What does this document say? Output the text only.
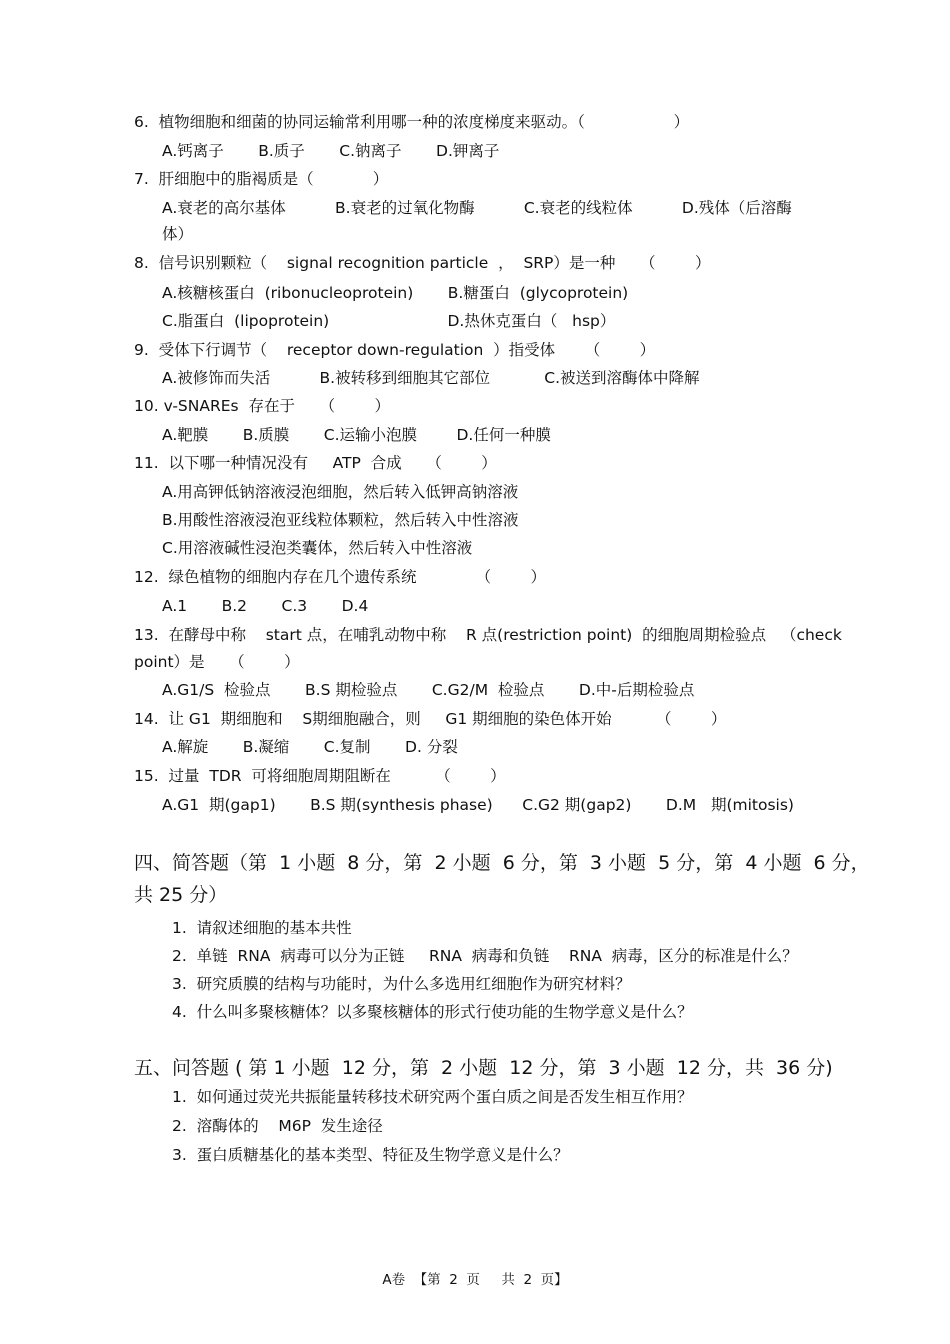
6.  植物细胞和细菌的协同运输常利用哪一种的浓度梯度来驱动。（                  ）
A.钙离子       B.质子       C.钠离子       D.钾离子
7.  肝细胞中的脂褐质是（            ）
A.衰老的高尔基体          B.衰老的过氧化物酶          C.衰老的线粒体          D.残体（后溶酶
体）
8.  信号识别颗粒（    signal recognition particle  ，  SRP）是一种     （        ）
A.核糖核蛋白  (ribonucleoprotein)       B.糖蛋白  (glycoprotein)
C.脂蛋白  (lipoprotein)                        D.热休克蛋白（   hsp）
9.  受体下行调节（    receptor down-regulation  ）指受体      （        ）
A.被修饰而失活          B.被转移到细胞其它部位           C.被送到溶酶体中降解
10. v-SNAREs  存在于     （        ）
A.靶膜       B.质膜       C.运输小泡膜        D.任何一种膜
11.  以下哪一种情况没有     ATP  合成     （        ）
A.用高钾低钠溶液浸泡细胞，然后转入低钾高钠溶液
B.用酸性溶液浸泡亚线粒体颗粒，然后转入中性溶液
C.用溶液碱性浸泡类囊体，然后转入中性溶液
12.  绿色植物的细胞内存在几个遗传系统            （        ）
A.1       B.2       C.3       D.4
13.  在酵母中称    start 点，在哺乳动物中称    R 点(restriction point)  的细胞周期检验点   （check
point）是     （        ）
A.G1/S  检验点       B.S 期检验点       C.G2/M  检验点       D.中-后期检验点
14.  让 G1  期细胞和    S期细胞融合，则     G1 期细胞的染色体开始         （        ）
A.解旋       B.凝缩       C.复制       D. 分裂
15.  过量  TDR  可将细胞周期阻断在         （        ）
A.G1  期(gap1)       B.S 期(synthesis phase)      C.G2 期(gap2)       D.M   期(mitosis)
四、简答题（第  1 小题  8 分，第  2 小题  6 分，第  3 小题  5 分，第  4 小题  6 分，
共 25 分）
1.  请叙述细胞的基本共性
2.  单链  RNA  病毒可以分为正链     RNA  病毒和负链    RNA  病毒，区分的标准是什么？
3.  研究质膜的结构与功能时，为什么多选用红细胞作为研究材料？
4.  什么叫多聚核糖体？以多聚核糖体的形式行使功能的生物学意义是什么？
五、问答题 ( 第 1 小题  12 分，第  2 小题  12 分，第  3 小题  12 分，共  36 分)
1.  如何通过荧光共振能量转移技术研究两个蛋白质之间是否发生相互作用？
2.  溶酶体的    M6P  发生途径
3.  蛋白质糖基化的基本类型、特征及生物学意义是什么？
A卷  【第  2  页     共  2  页】
